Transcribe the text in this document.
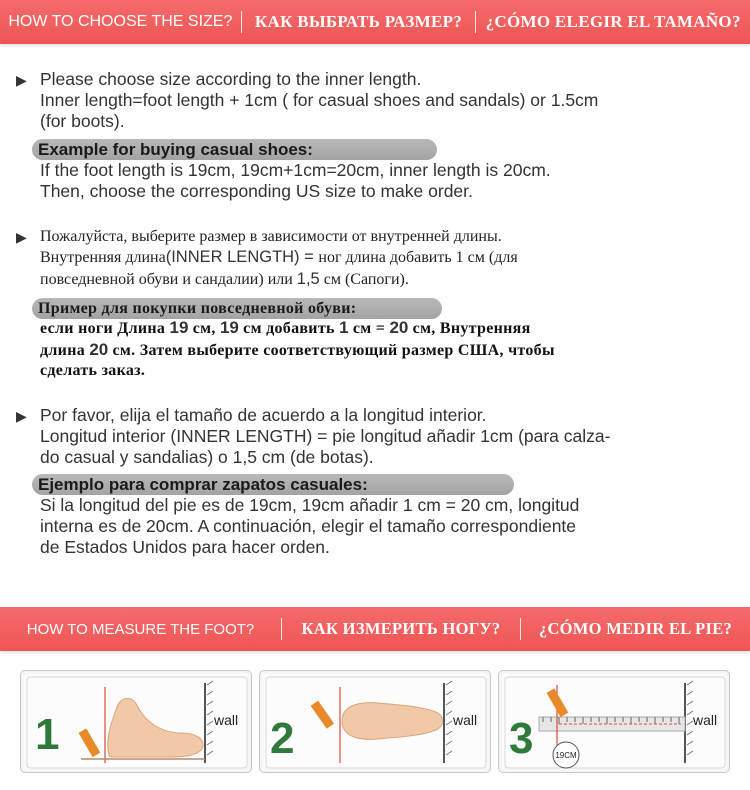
HOW TO CHOOSE THE SIZE?	КАК ВЫБРАТЬ РАЗМЕР?	¿CÓMO ELEGIR EL TAMAÑO?
▶ Please choose size according to the inner length.
Inner length=foot length + 1cm ( for casual shoes and sandals) or 1.5cm
(for boots).
Example for buying casual shoes:
If the foot length is 19cm, 19cm+1cm=20cm, inner length is 20cm.
Then, choose the corresponding US size to make order.
▶ Пожалуйста, выберите размер в зависимости от внутренней длины.
Внутренняя длина(INNER LENGTH) = ног длина добавить 1 см (для
повседневной обуви и сандалии) или 1,5 см (Сапоги).
Пример для покупки повседневной обуви:
если ноги Длина 19 см, 19 см добавить 1 см = 20 см, Внутренняя
длина 20 см. Затем выберите соответствующий размер США, чтобы
сделать заказ.
▶ Por favor, elija el tamaño de acuerdo a la longitud interior.
Longitud interior (INNER LENGTH) = pie longitud añadir 1cm (para calza-
do casual y sandalias) o 1,5 cm (de botas).
Ejemplo para comprar zapatos casuales:
Si la longitud del pie es de 19cm, 19cm añadir 1 cm = 20 cm, longitud
interna es de 20cm. A continuación, elegir el tamaño correspondiente
de Estados Unidos para hacer orden.
HOW TO MEASURE THE FOOT?	КАК ИЗМЕРИТЬ НОГУ?	¿CÓMO MEDIR EL PIE?
1	wall 2	wall 3	wall
19CM
